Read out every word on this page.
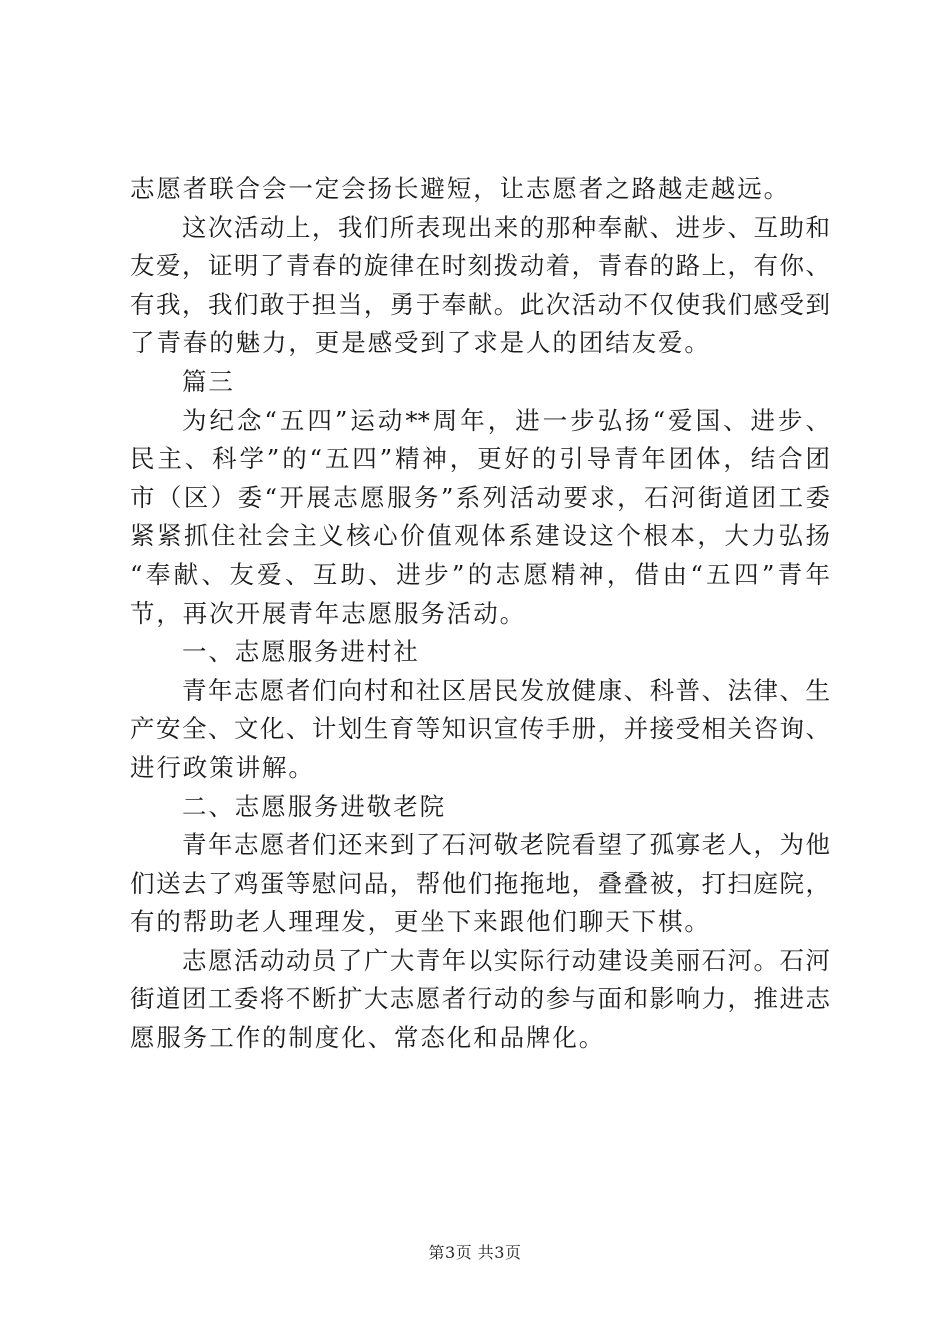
志愿者联合会一定会扬长避短，让志愿者之路越走越远。
这次活动上，我们所表现出来的那种奉献、进步、互助和
友爱，证明了青春的旋律在时刻拨动着，青春的路上，有你、
有我，我们敢于担当，勇于奉献。此次活动不仅使我们感受到
了青春的魅力，更是感受到了求是人的团结友爱。
篇三
为纪念“五四”运动**周年，进一步弘扬“爱国、进步、
民主、科学”的“五四”精神，更好的引导青年团体，结合团
市（区）委“开展志愿服务”系列活动要求，石河街道团工委
紧紧抓住社会主义核心价值观体系建设这个根本，大力弘扬
“奉献、友爱、互助、进步”的志愿精神，借由“五四”青年
节，再次开展青年志愿服务活动。
一、志愿服务进村社
青年志愿者们向村和社区居民发放健康、科普、法律、生
产安全、文化、计划生育等知识宣传手册，并接受相关咨询、
进行政策讲解。
二、志愿服务进敬老院
青年志愿者们还来到了石河敬老院看望了孤寡老人，为他
们送去了鸡蛋等慰问品，帮他们拖拖地，叠叠被，打扫庭院，
有的帮助老人理理发，更坐下来跟他们聊天下棋。
志愿活动动员了广大青年以实际行动建设美丽石河。石河
街道团工委将不断扩大志愿者行动的参与面和影响力，推进志
愿服务工作的制度化、常态化和品牌化。
第3页 共3页
